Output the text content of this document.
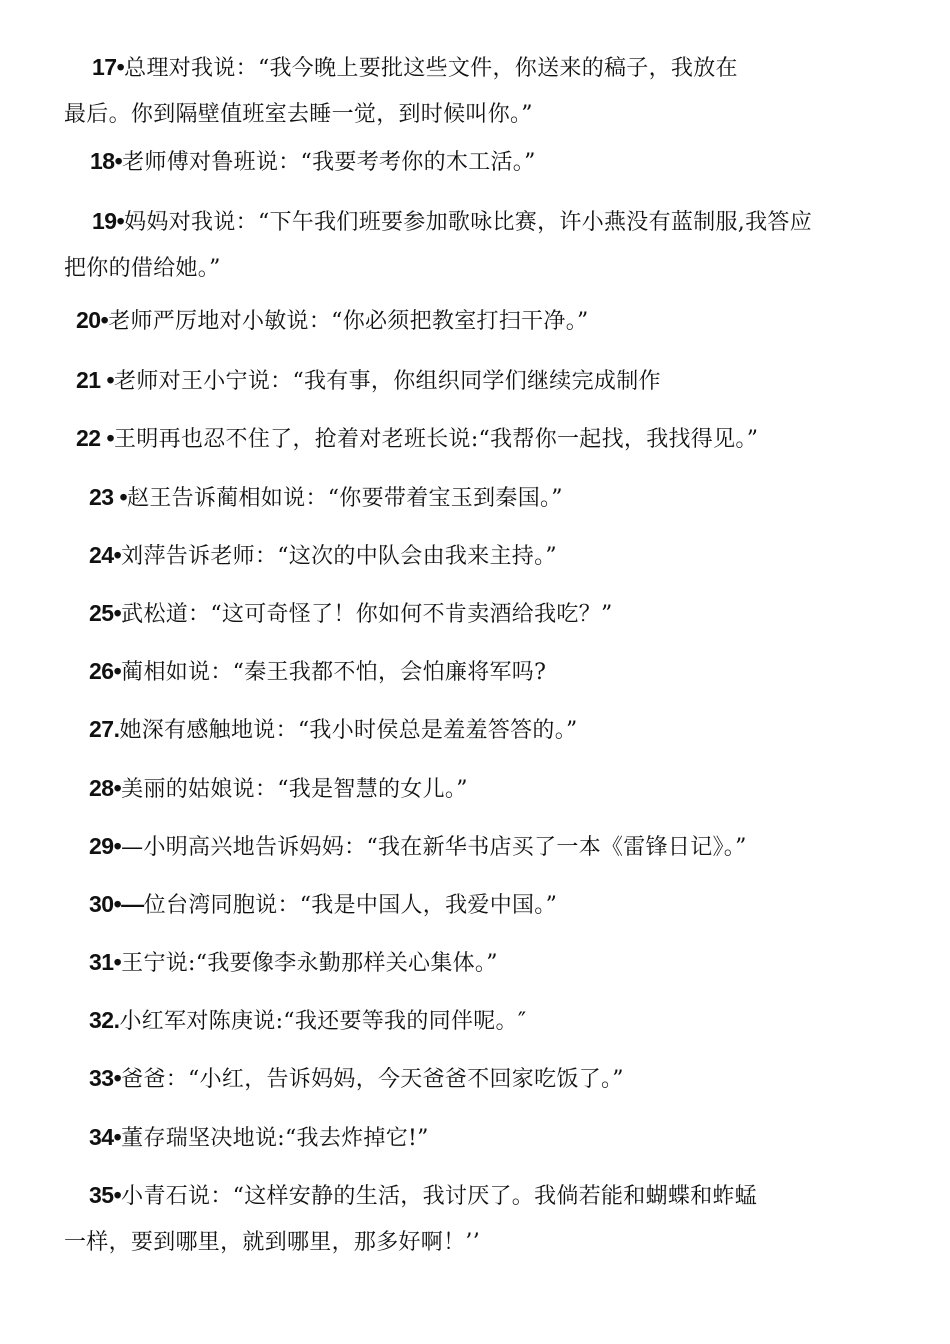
17•总理对我说：“我今晚上要批这些文件，你送来的稿子，我放在
最后。你到隔壁值班室去睡一觉，到时候叫你。”
18•老师傅对鲁班说：“我要考考你的木工活。”
19•妈妈对我说：“下午我们班要参加歌咏比赛，许小燕没有蓝制服,我答应
把你的借给她。”
20•老师严厉地对小敏说：“你必须把教室打扫干净。”
21 •老师对王小宁说：“我有事，你组织同学们继续完成制作
22 •王明再也忍不住了，抢着对老班长说:“我帮你一起找，我找得见。”
23 •赵王告诉蔺相如说：“你要带着宝玉到秦国。”
24•刘萍告诉老师：“这次的中队会由我来主持。”
25•武松道：“这可奇怪了！你如何不肯卖酒给我吃？”
26•蔺相如说：“秦王我都不怕，会怕廉将军吗?
27.她深有感触地说：“我小时侯总是羞羞答答的。”
28•美丽的姑娘说：“我是智慧的女儿。”
29•—小明高兴地告诉妈妈：“我在新华书店买了一本《雷锋日记》。”
30•—位台湾同胞说：“我是中国人，我爱中国。”
31•王宁说:“我要像李永勤那样关心集体。”
32.小红军对陈庚说:“我还要等我的同伴呢。″
33•爸爸：“小红，告诉妈妈，今天爸爸不回家吃饭了。”
34•董存瑞坚决地说:“我去炸掉它!”
35•小青石说：“这样安静的生活，我讨厌了。我倘若能和蝴蝶和蚱蜢
一样，要到哪里，就到哪里，那多好啊！’’
